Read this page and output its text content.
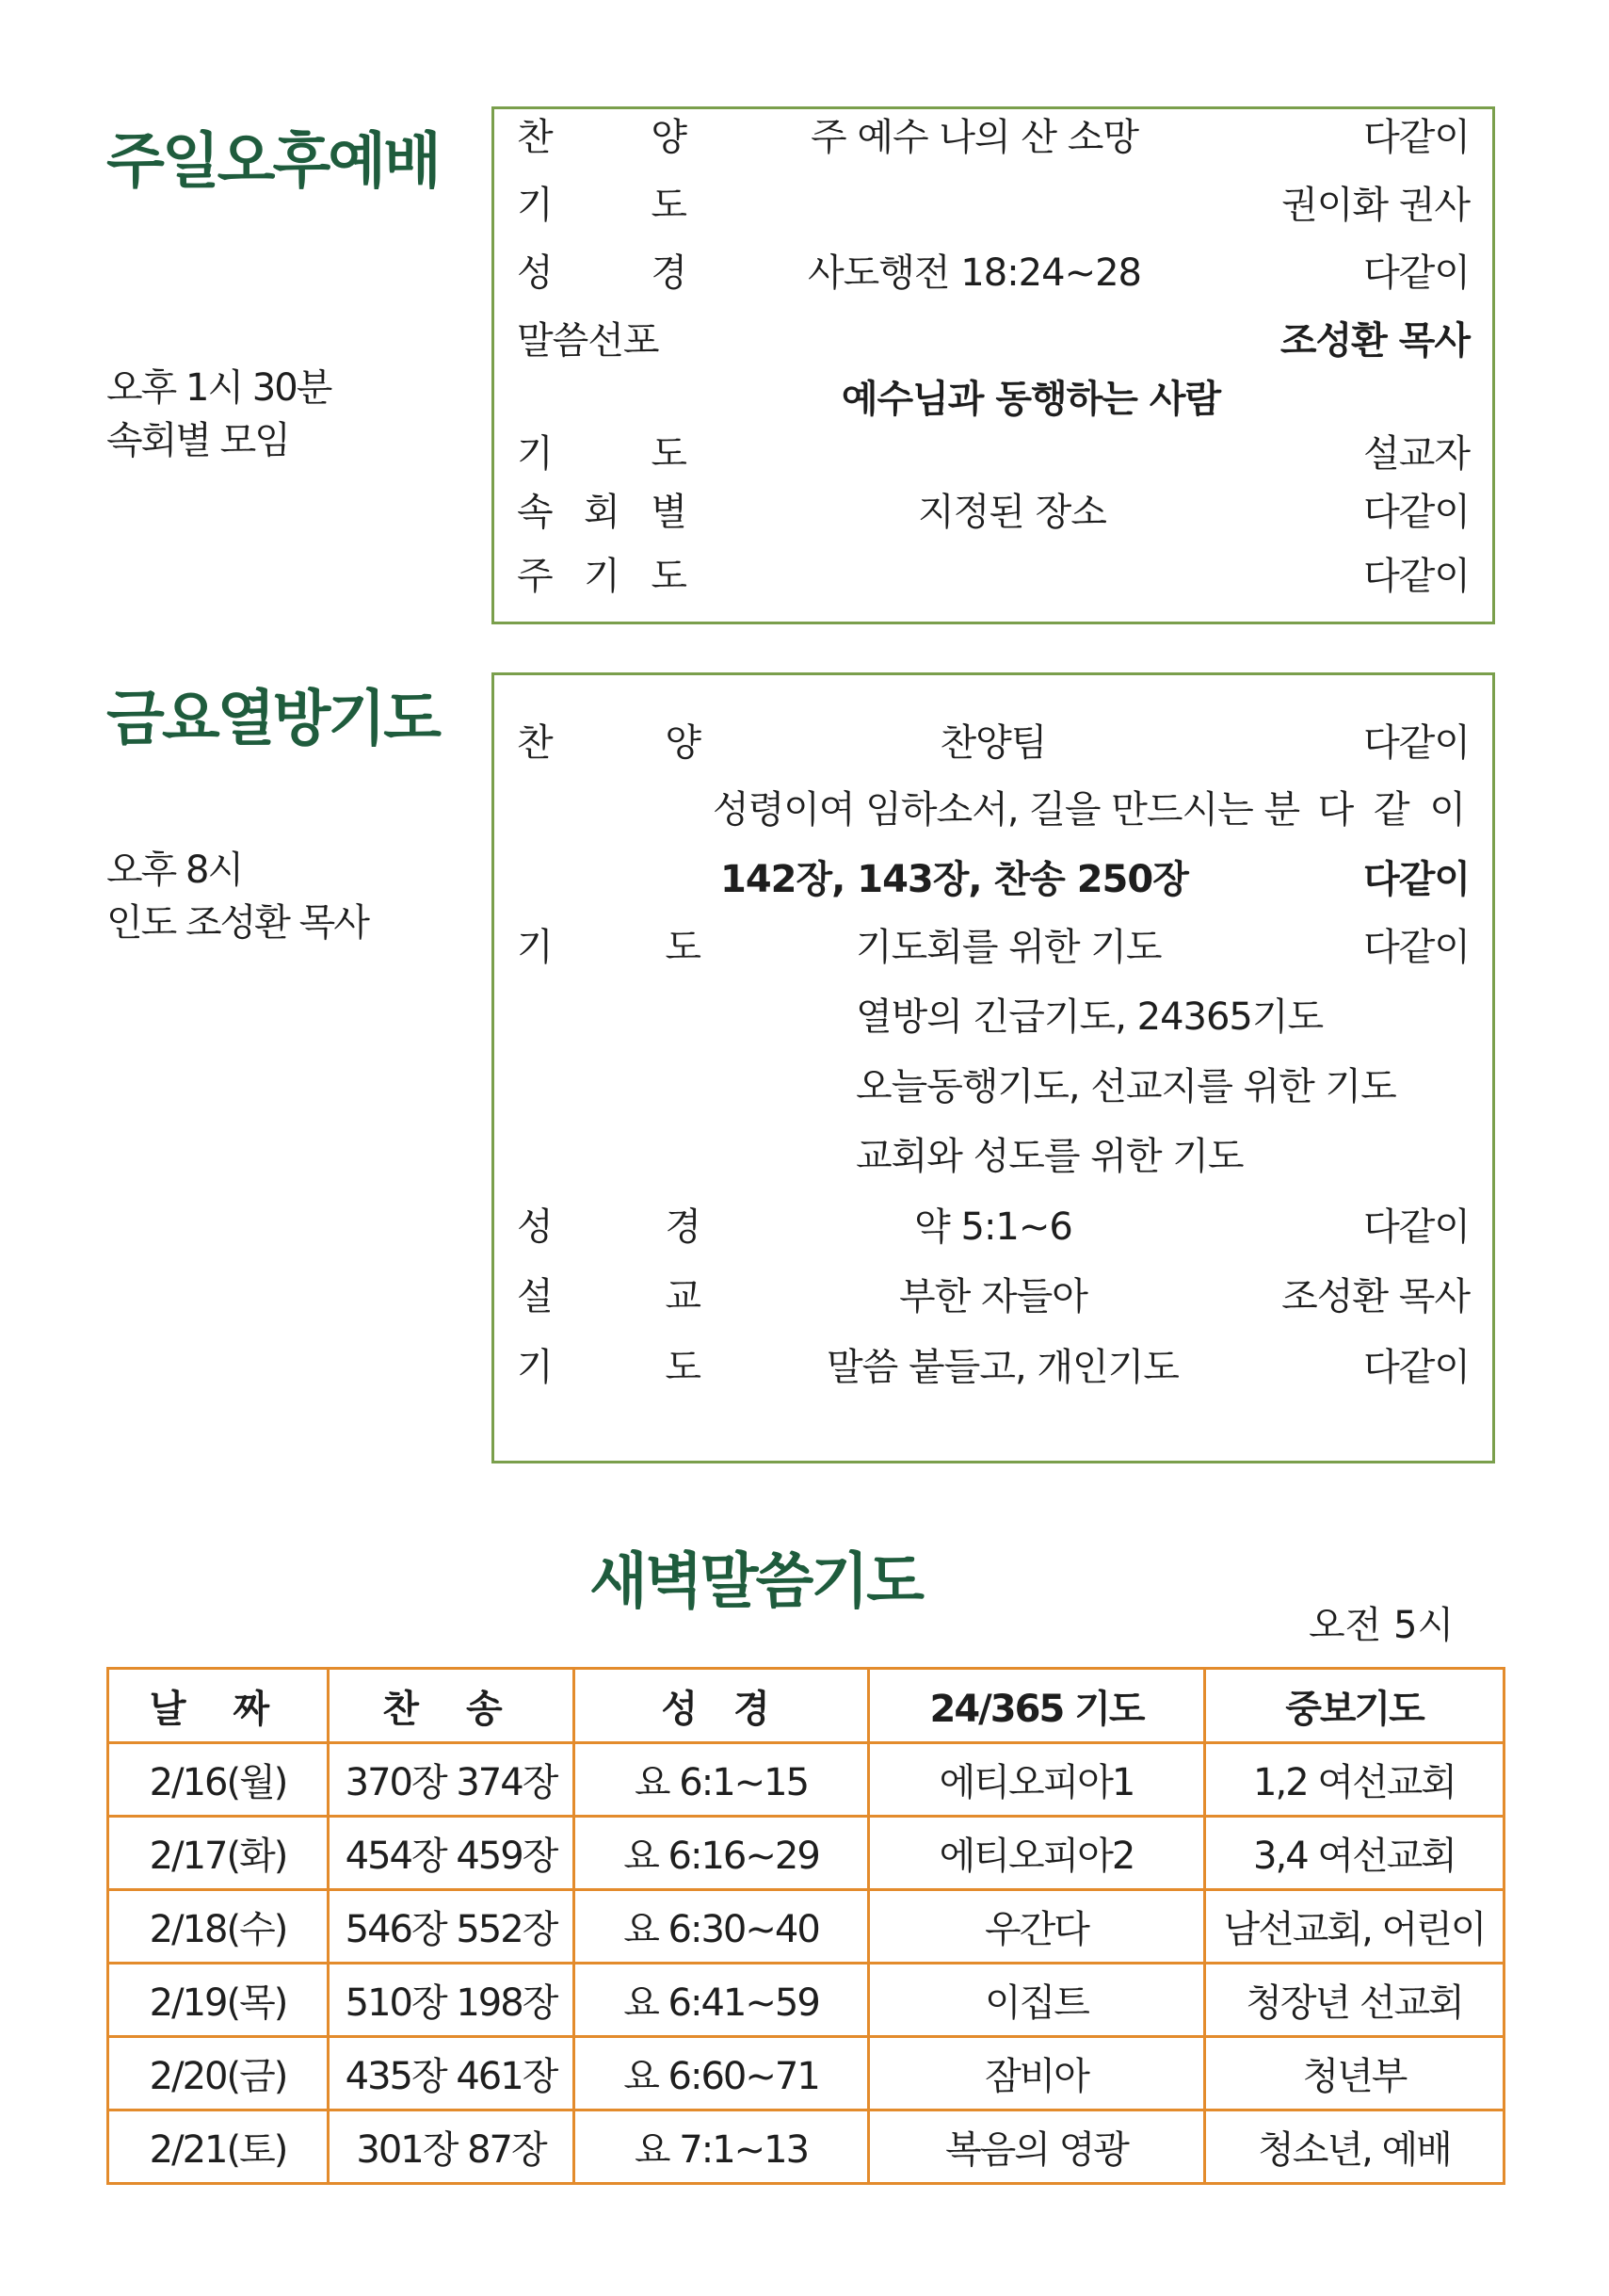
주일오후예배
오후 1시 30분
속회별 모임
찬	양	주 예수 나의 산 소망	다같이
기	도	권이화 권사
성	경	사도행전 18:24~28	다같이
말씀선포	조성환 목사
예수님과 동행하는 사람
기	도	설교자
속 회 별	지정된 장소	다같이
주 기 도	다같이
금요열방기도
오후 8시
인도 조성환 목사
찬	양	찬양팀	다같이
성령이여 임하소서, 길을 만드시는 분 다 같 이
142장, 143장, 찬송 250장	다같이
기	도	기도회를 위한 기도	다같이
열방의 긴급기도, 24365기도
오늘동행기도, 선교지를 위한 기도
교회와 성도를 위한 기도
성	경	약 5:1~6	다같이
설	교	부한 자들아	조성환 목사
기	도	말씀 붙들고, 개인기도	다같이
새벽말씀기도
오전 5시
날 짜	찬 송	성 경	24/365 기도	중보기도
2/16(월)	370장 374장	요 6:1~15	에티오피아1	1,2 여선교회
2/17(화)	454장 459장	요 6:16~29	에티오피아2	3,4 여선교회
2/18(수)	546장 552장	요 6:30~40	우간다	남선교회, 어린이
2/19(목)	510장 198장	요 6:41~59	이집트	청장년 선교회
2/20(금)	435장 461장	요 6:60~71	잠비아	청년부
2/21(토)	301장 87장	요 7:1~13	복음의 영광	청소년, 예배
